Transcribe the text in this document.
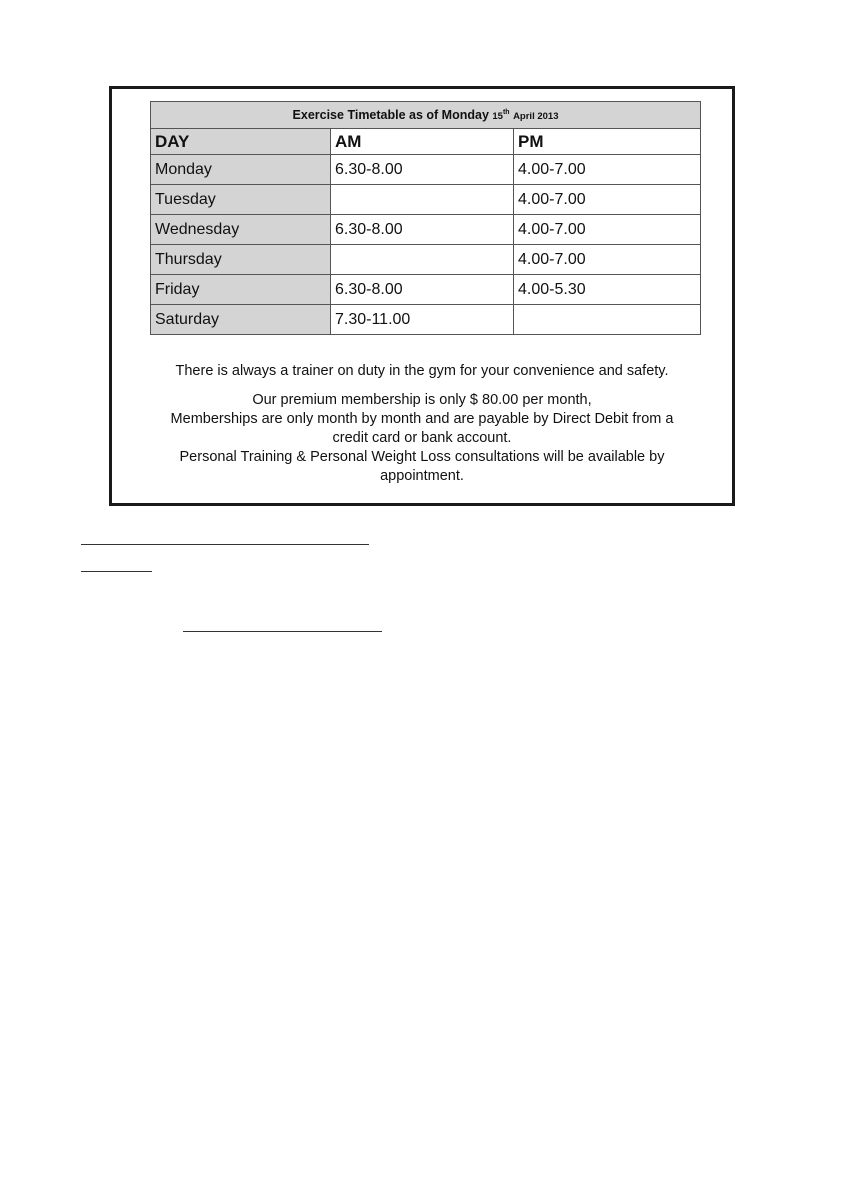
Exercise Timetable as of Monday 15th April 2013		
DAY	AM	PM
Monday	6.30-8.00	4.00-7.00
Tuesday		4.00-7.00
Wednesday	6.30-8.00	4.00-7.00
Thursday		4.00-7.00
Friday	6.30-8.00	4.00-5.30
Saturday	7.30-11.00	

There is always a trainer on duty in the gym for your convenience and safety.

Our premium membership is only $ 80.00 per month,

Memberships are only month by month and are payable by Direct Debit from a

credit card or bank account.

Personal Training & Personal Weight Loss consultations will be available by

appointment.
